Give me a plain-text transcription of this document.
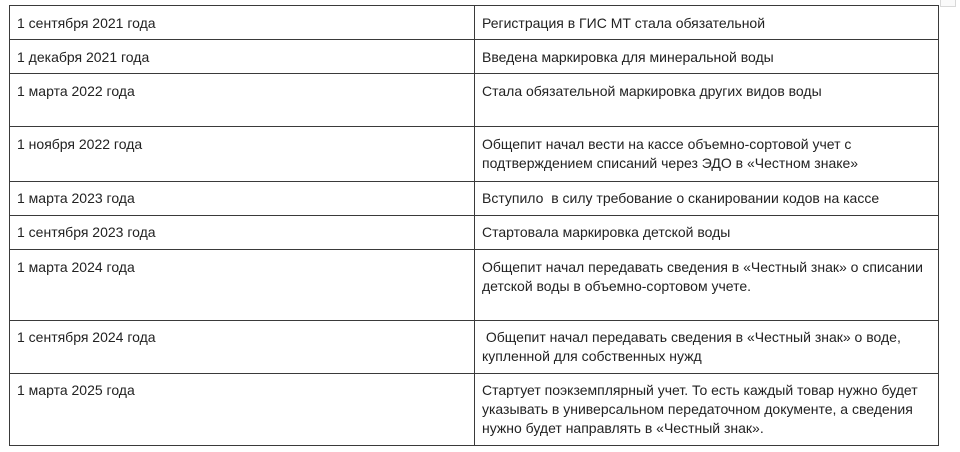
1 сентября 2021 года	Регистрация в ГИС МТ стала обязательной

1 декабря 2021 года	Введена маркировка для минеральной воды

1 марта 2022 года	Стала обязательной маркировка других видов воды

1 ноября 2022 года	Общепит начал вести на кассе объемно-сортовой учет с подтверждением списаний через ЭДО в «Честном знаке»

1 марта 2023 года	Вступило  в силу требование о сканировании кодов на кассе

1 сентября 2023 года	Стартовала маркировка детской воды

1 марта 2024 года	Общепит начал передавать сведения в «Честный знак» о списании детской воды в объемно-сортовом учете.

1 сентября 2024 года	Общепит начал передавать сведения в «Честный знак» о воде, купленной для собственных нужд

1 марта 2025 года	Стартует поэкземплярный учет. То есть каждый товар нужно будет указывать в универсальном передаточном документе, а сведения нужно будет направлять в «Честный знак».
